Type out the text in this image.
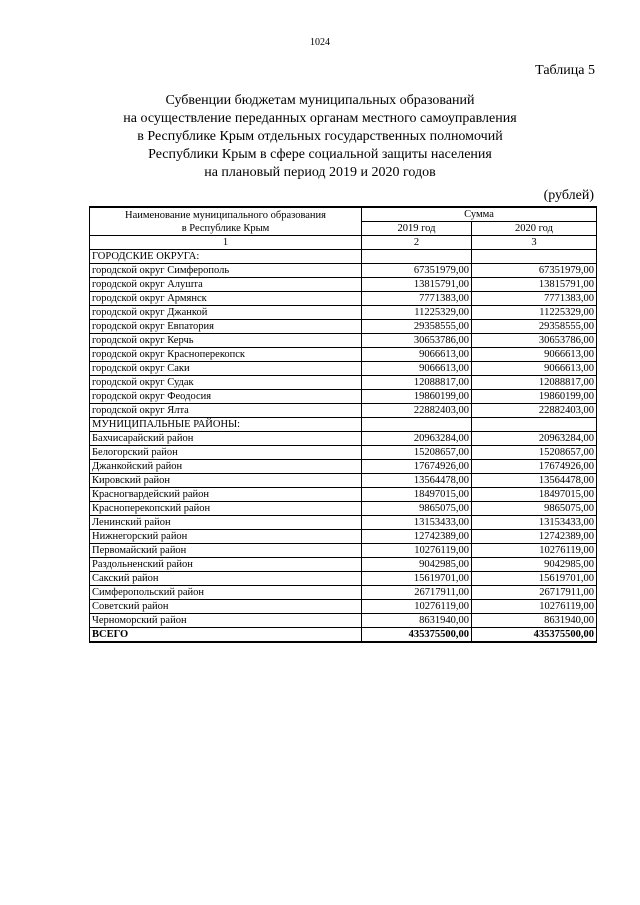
1024
Таблица 5
Субвенции бюджетам муниципальных образований
на осуществление переданных органам местного самоуправления
в Республике Крым отдельных государственных полномочий
Республики Крым в сфере социальной защиты населения
на плановый период 2019 и 2020 годов
(рублей)
Наименование муниципального образования
в Республике Крым	Сумма	
	2019 год	2020 год
1	2	3
ГОРОДСКИЕ ОКРУГА:		
городской округ Симферополь	67351979,00	67351979,00
городской округ Алушта	13815791,00	13815791,00
городской округ Армянск	7771383,00	7771383,00
городской округ Джанкой	11225329,00	11225329,00
городской округ Евпатория	29358555,00	29358555,00
городской округ Керчь	30653786,00	30653786,00
городской округ Красноперекопск	9066613,00	9066613,00
городской округ Саки	9066613,00	9066613,00
городской округ Судак	12088817,00	12088817,00
городской округ Феодосия	19860199,00	19860199,00
городской округ Ялта	22882403,00	22882403,00
МУНИЦИПАЛЬНЫЕ РАЙОНЫ:		
Бахчисарайский район	20963284,00	20963284,00
Белогорский район	15208657,00	15208657,00
Джанкойский район	17674926,00	17674926,00
Кировский район	13564478,00	13564478,00
Красногвардейский район	18497015,00	18497015,00
Красноперекопский район	9865075,00	9865075,00
Ленинский район	13153433,00	13153433,00
Нижнегорский район	12742389,00	12742389,00
Первомайский район	10276119,00	10276119,00
Раздольненский район	9042985,00	9042985,00
Сакский район	15619701,00	15619701,00
Симферопольский район	26717911,00	26717911,00
Советский район	10276119,00	10276119,00
Черноморский район	8631940,00	8631940,00
ВСЕГО	435375500,00	435375500,00
